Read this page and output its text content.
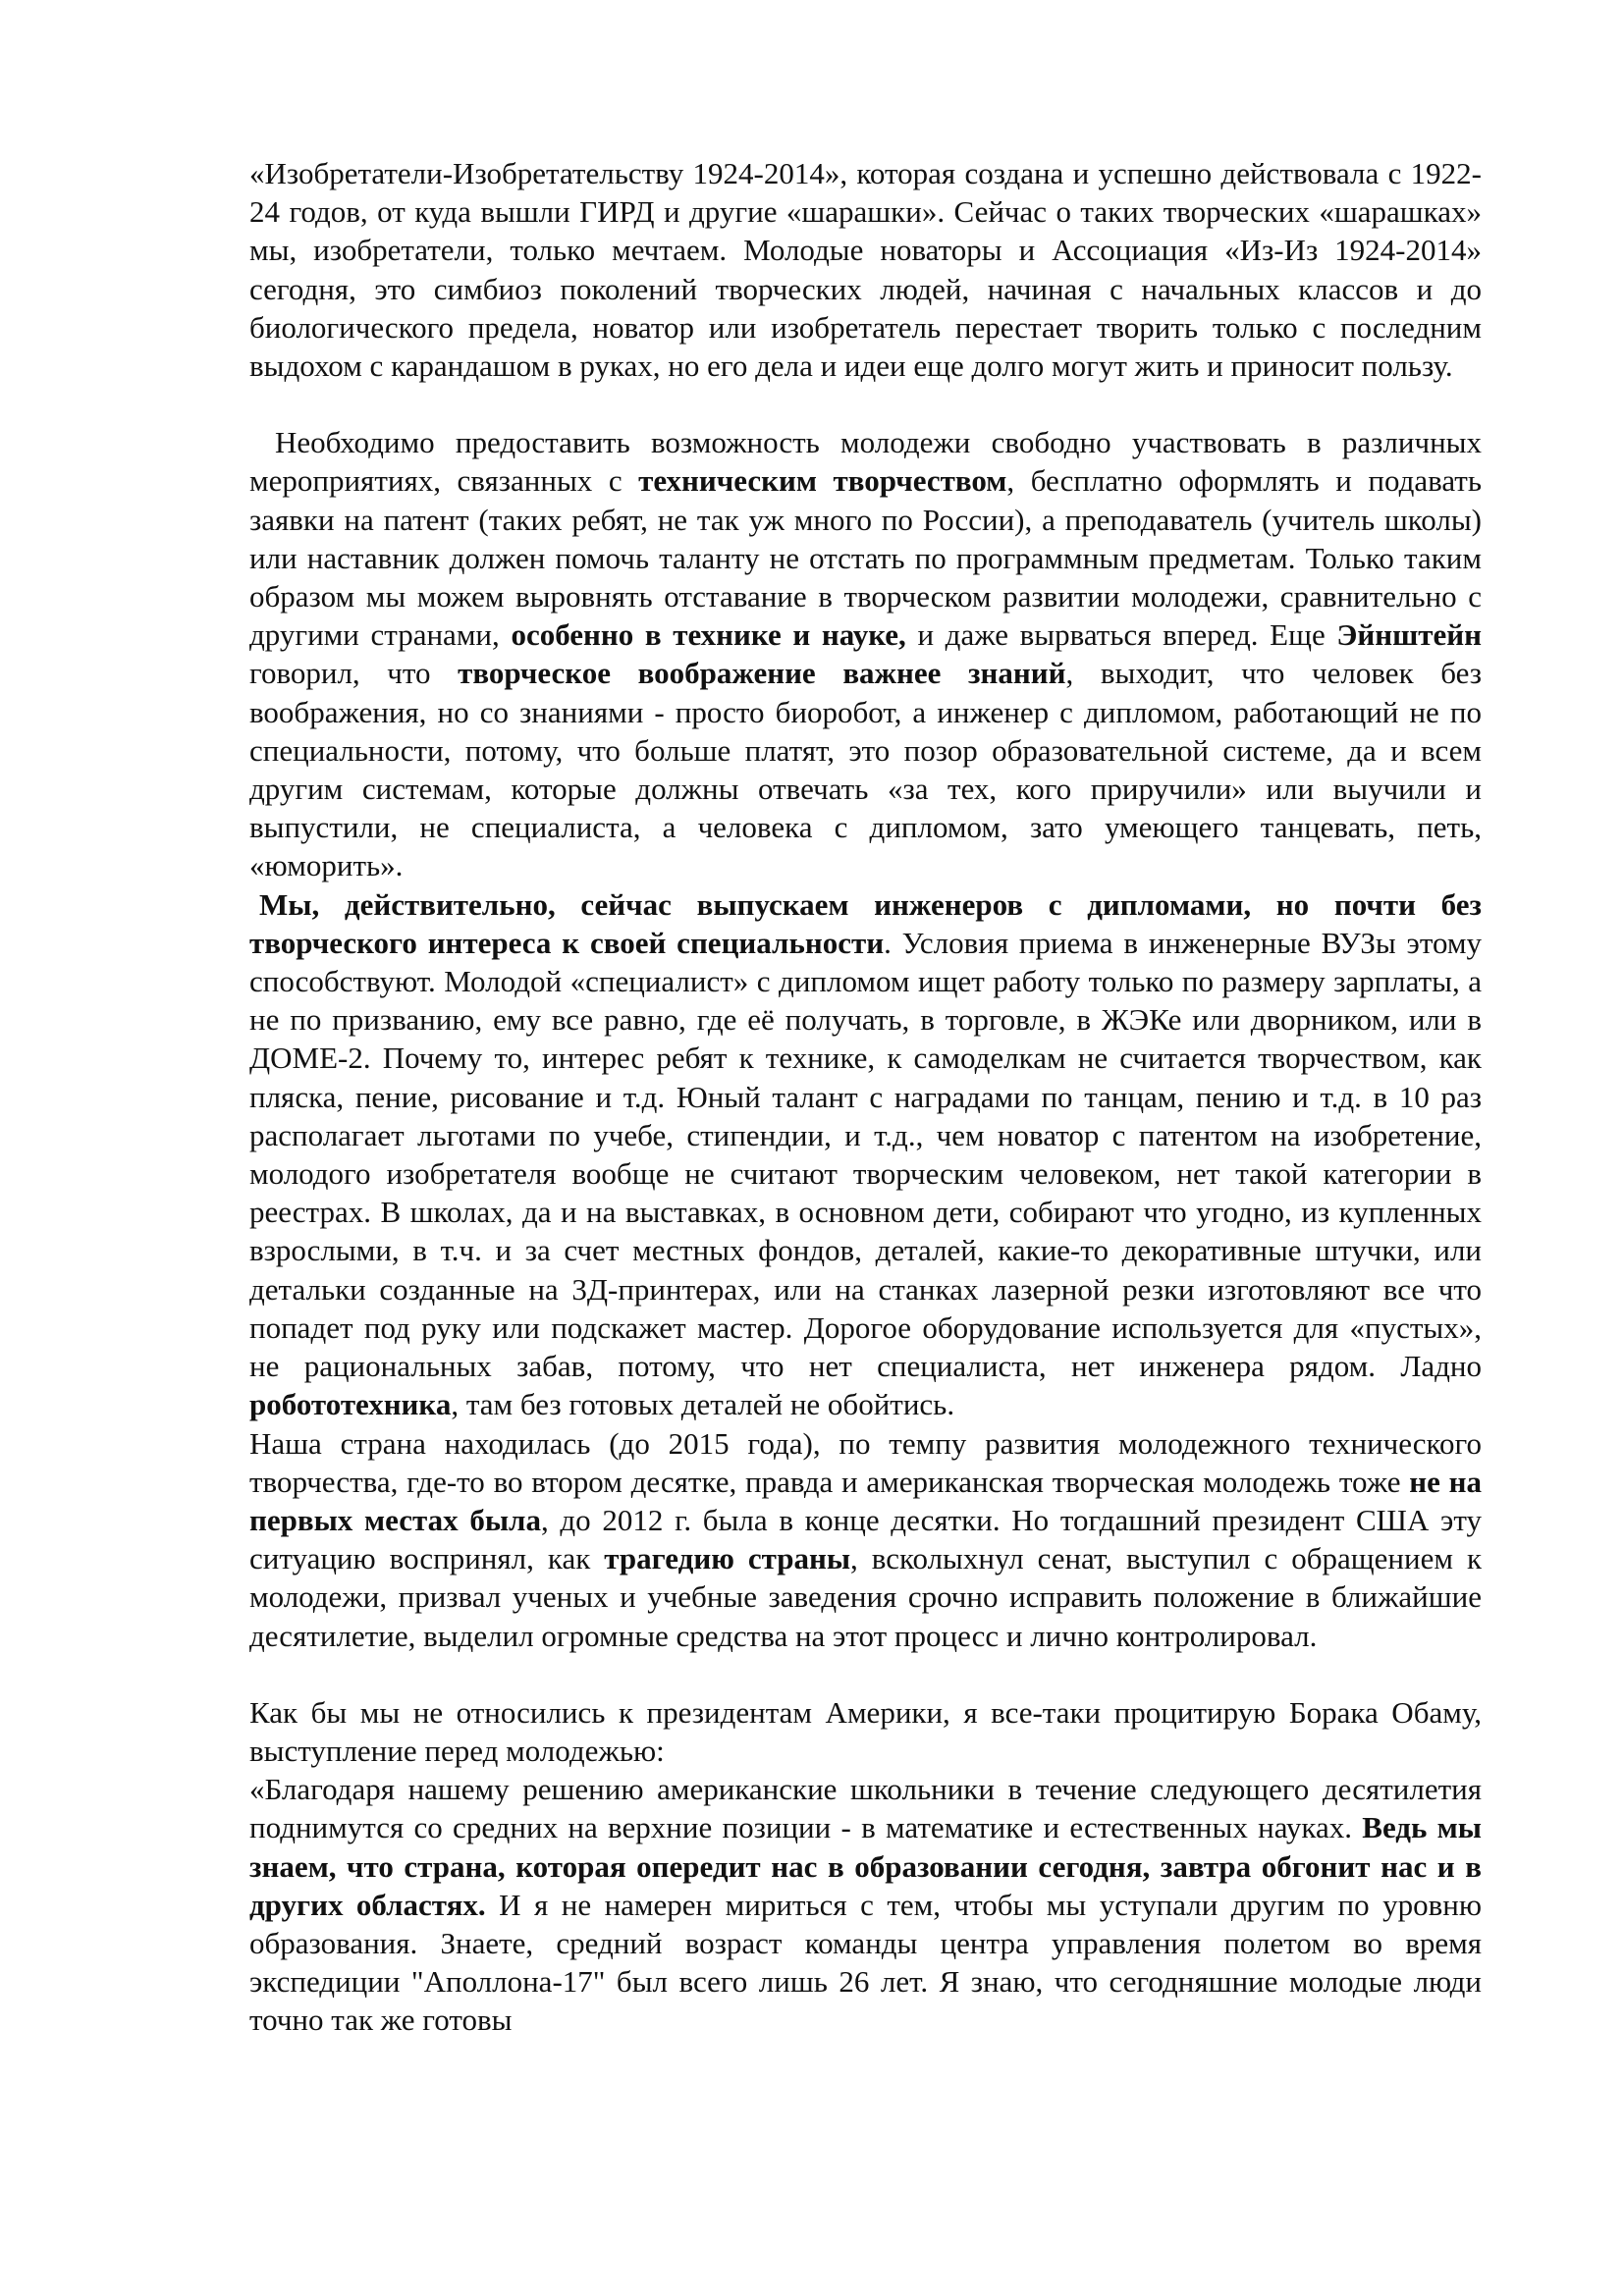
«Изобретатели-Изобретательству 1924-2014», которая создана и успешно действовала с 1922-24 годов, от куда вышли ГИРД и другие «шарашки». Сейчас о таких творческих «шарашках» мы, изобретатели, только мечтаем. Молодые новаторы и Ассоциация «Из-Из 1924-2014» сегодня, это симбиоз поколений творческих людей, начиная с начальных классов и до биологического предела, новатор или изобретатель перестает творить только с последним выдохом с карандашом в руках, но его дела и идеи еще долго могут жить и приносит пользу.

Необходимо предоставить возможность молодежи свободно участвовать в различных мероприятиях, связанных с техническим творчеством, бесплатно оформлять и подавать заявки на патент (таких ребят, не так уж много по России), а преподаватель (учитель школы) или наставник должен помочь таланту не отстать по программным предметам. Только таким образом мы можем выровнять отставание в творческом развитии молодежи, сравнительно с другими странами, особенно в технике и науке, и даже вырваться вперед. Еще Эйнштейн говорил, что творческое воображение важнее знаний, выходит, что человек без воображения, но со знаниями - просто биоробот, а инженер с дипломом, работающий не по специальности, потому, что больше платят, это позор образовательной системе, да и всем другим системам, которые должны отвечать «за тех, кого приручили» или выучили и выпустили, не специалиста, а человека с дипломом, зато умеющего танцевать, петь, «юморить».

Мы, действительно, сейчас выпускаем инженеров с дипломами, но почти без творческого интереса к своей специальности. Условия приема в инженерные ВУЗы этому способствуют. Молодой «специалист» с дипломом ищет работу только по размеру зарплаты, а не по призванию, ему все равно, где её получать, в торговле, в ЖЭКе или дворником, или в ДОМЕ-2. Почему то, интерес ребят к технике, к самоделкам не считается творчеством, как пляска, пение, рисование и т.д. Юный талант с наградами по танцам, пению и т.д. в 10 раз располагает льготами по учебе, стипендии, и т.д., чем новатор с патентом на изобретение, молодого изобретателя вообще не считают творческим человеком, нет такой категории в реестрах. В школах, да и на выставках, в основном дети, собирают что угодно, из купленных взрослыми, в т.ч. и за счет местных фондов, деталей, какие-то декоративные штучки, или детальки созданные на 3Д-принтерах, или на станках лазерной резки изготовляют все что попадет под руку или подскажет мастер. Дорогое оборудование используется для «пустых», не рациональных забав, потому, что нет специалиста, нет инженера рядом. Ладно робототехника, там без готовых деталей не обойтись.

Наша страна находилась (до 2015 года), по темпу развития молодежного технического творчества, где-то во втором десятке, правда и американская творческая молодежь тоже не на первых местах была, до 2012 г. была в конце десятки. Но тогдашний президент США эту ситуацию воспринял, как трагедию страны, всколыхнул сенат, выступил с обращением к молодежи, призвал ученых и учебные заведения срочно исправить положение в ближайшие десятилетие, выделил огромные средства на этот процесс и лично контролировал.

Как бы мы не относились к президентам Америки, я все-таки процитирую Борака Обаму, выступление перед молодежью:

«Благодаря нашему решению американские школьники в течение следующего десятилетия поднимутся со средних на верхние позиции - в математике и естественных науках. Ведь мы знаем, что страна, которая опередит нас в образовании сегодня, завтра обгонит нас и в других областях. И я не намерен мириться с тем, чтобы мы уступали другим по уровню образования. Знаете, средний возраст команды центра управления полетом во время экспедиции "Аполлона-17" был всего лишь 26 лет. Я знаю, что сегодняшние молодые люди точно так же готовы
